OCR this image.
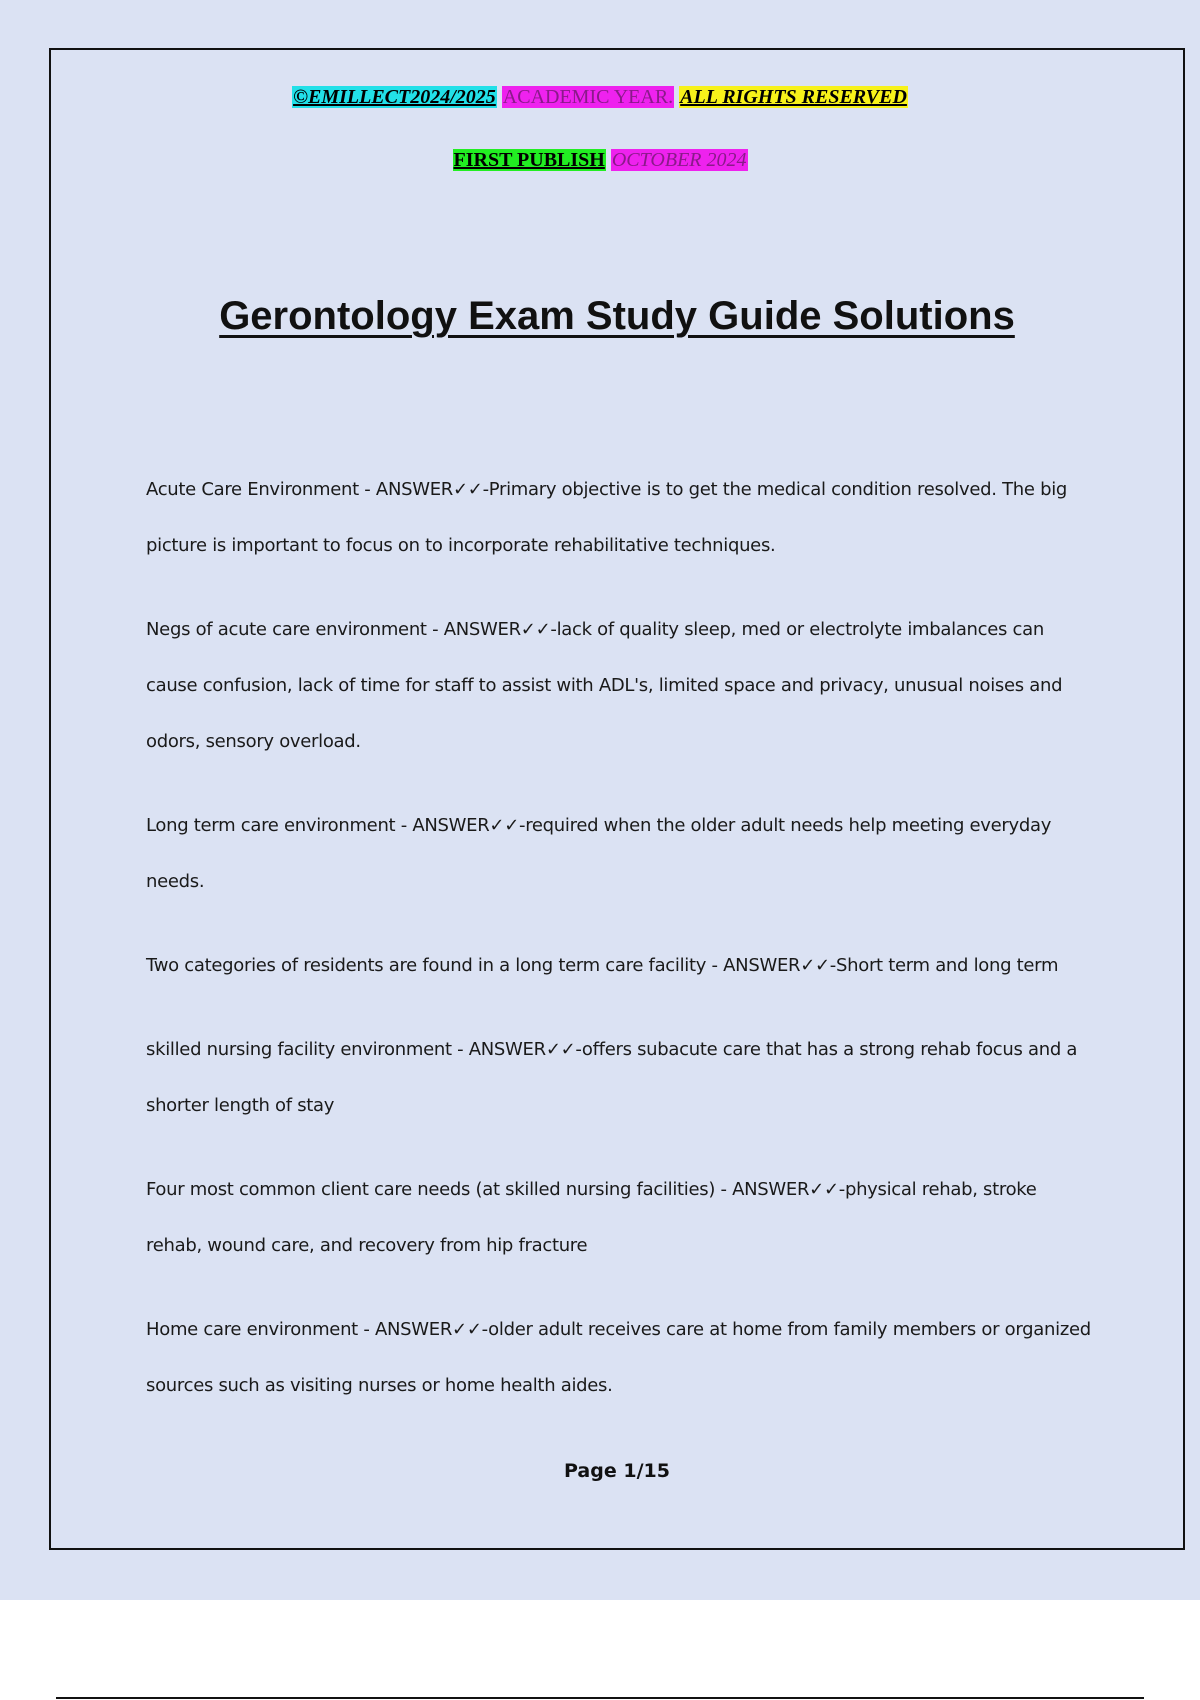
©EMILLECT2024/2025 ACADEMIC YEAR. ALL RIGHTS RESERVED
FIRST PUBLISH OCTOBER 2024
Gerontology Exam Study Guide Solutions

Acute Care Environment - ANSWER✓✓-Primary objective is to get the medical condition resolved. The big picture is important to focus on to incorporate rehabilitative techniques.

Negs of acute care environment - ANSWER✓✓-lack of quality sleep, med or electrolyte imbalances can cause confusion, lack of time for staff to assist with ADL's, limited space and privacy, unusual noises and odors, sensory overload.

Long term care environment - ANSWER✓✓-required when the older adult needs help meeting everyday needs.

Two categories of residents are found in a long term care facility - ANSWER✓✓-Short term and long term

skilled nursing facility environment - ANSWER✓✓-offers subacute care that has a strong rehab focus and a shorter length of stay

Four most common client care needs (at skilled nursing facilities) - ANSWER✓✓-physical rehab, stroke rehab, wound care, and recovery from hip fracture

Home care environment - ANSWER✓✓-older adult receives care at home from family members or organized sources such as visiting nurses or home health aides.

Page 1/15
